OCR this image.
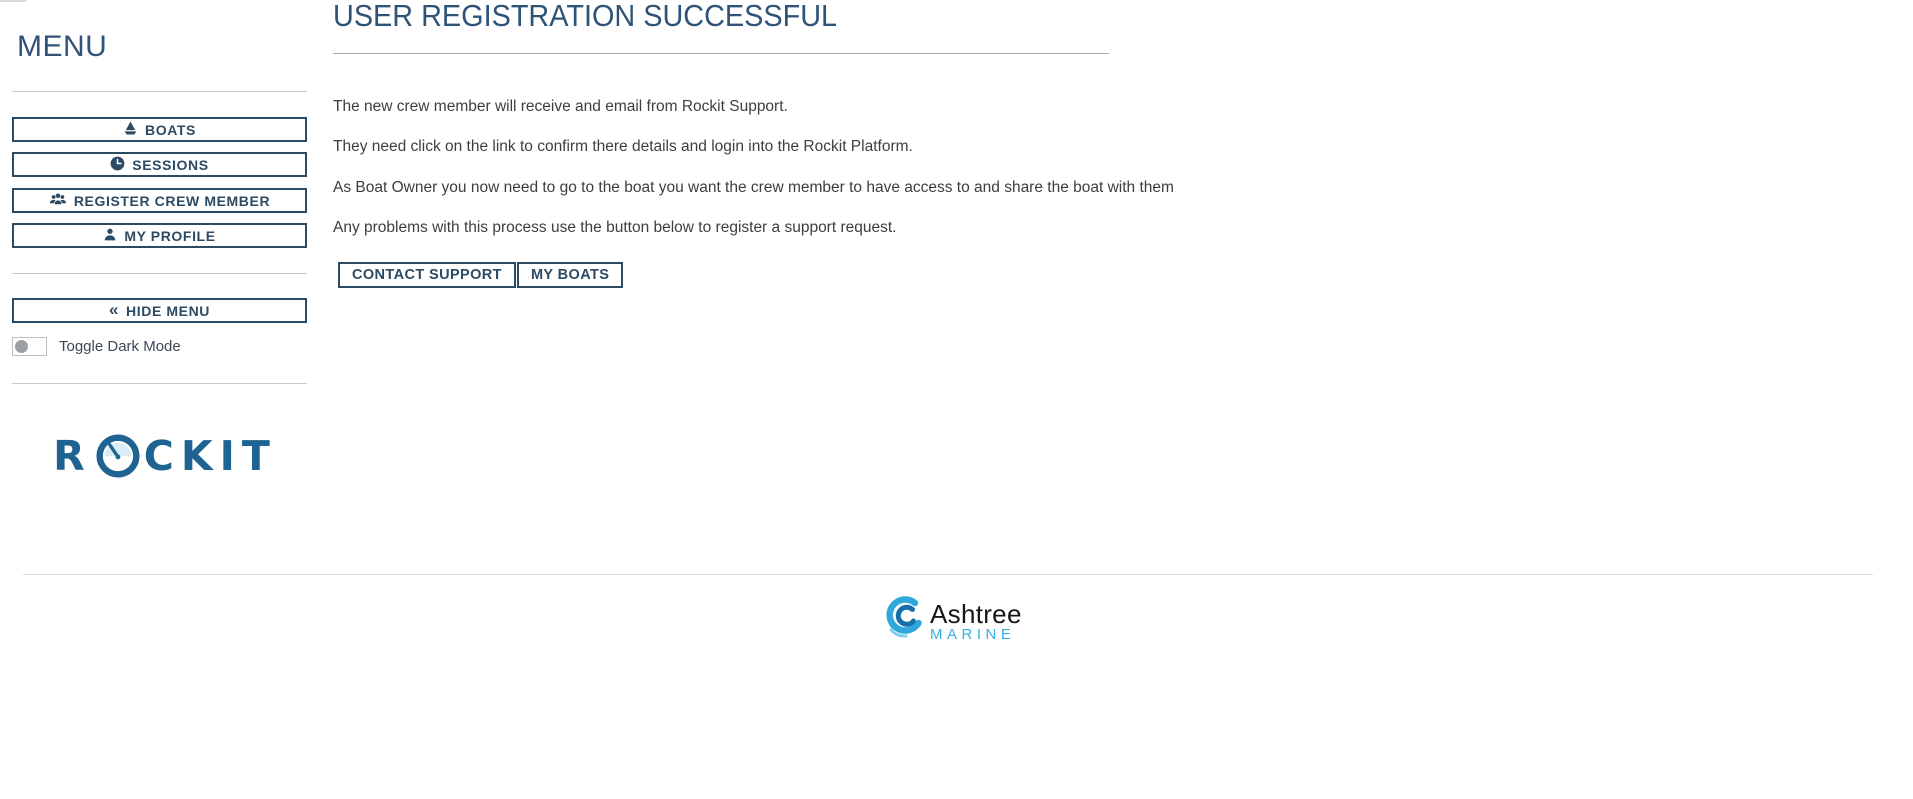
MENU
BOATS
SESSIONS
REGISTER CREW MEMBER
MY PROFILE
« HIDE MENU
Toggle Dark Mode
R CKIT
USER REGISTRATION SUCCESSFUL

The new crew member will receive and email from Rockit Support.

They need click on the link to confirm there details and login into the Rockit Platform.

As Boat Owner you now need to go to the boat you want the crew member to have access to and share the boat with them

Any problems with this process use the button below to register a support request.

CONTACT SUPPORT	MY BOATS
Ashtree
MARINE
